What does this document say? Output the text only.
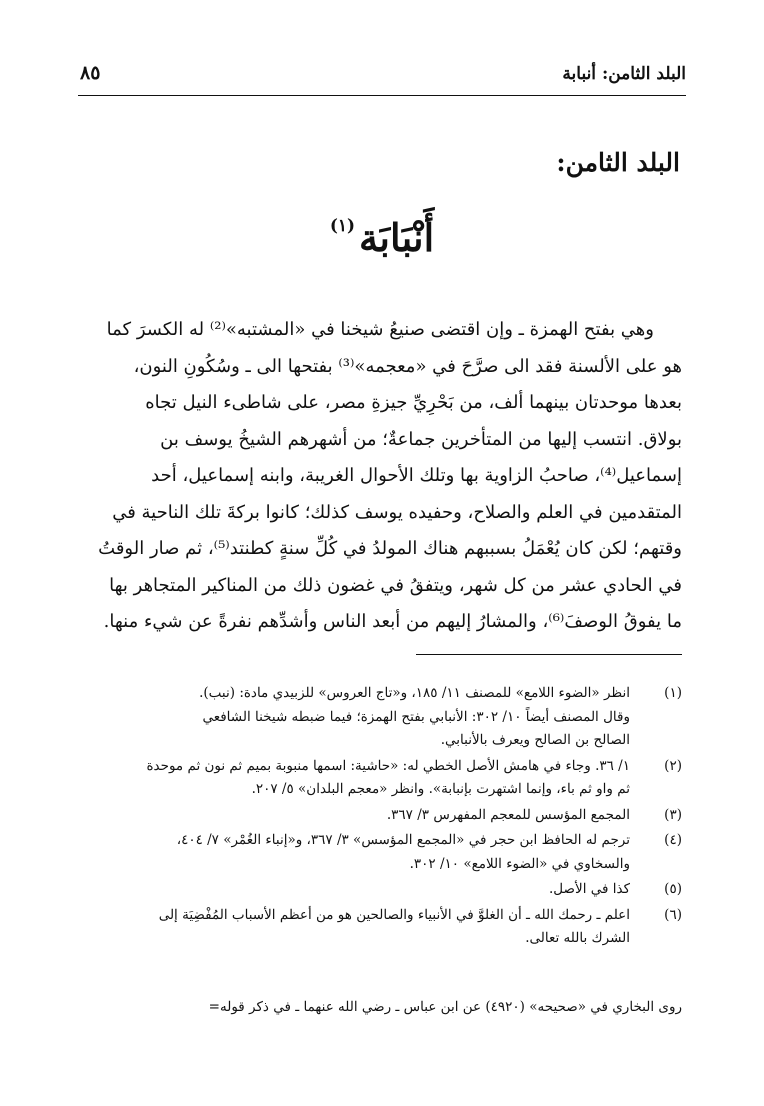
البلد الثامن: أنبابة
٨٥
البلد الثامن:
أَنْبَابَة$^{(١)}$

وهي بفتح الهمزة ـ وإن اقتضى صنيعُ شيخنا في «المشتبه»⁽²⁾ له الكسرَ كما

هو على الألسنة فقد الى صرَّحَ في «معجمه»⁽³⁾ بفتحها الى ـ وسُكُونِ النون،

بعدها موحدتان بينهما ألف، من بَحْرِيِّ جيزةِ مصر، على شاطىء النيل تجاه

بولاق. انتسب إليها من المتأخرين جماعةٌ؛ من أشهرهم الشيخُ يوسف بن

إسماعيل⁽⁴⁾، صاحبُ الزاوية بها وتلك الأحوال الغريبة، وابنه إسماعيل، أحد

المتقدمين في العلم والصلاح، وحفيده يوسف كذلك؛ كانوا بركةَ تلك الناحية في

وقتهم؛ لكن كان يُعْمَلُ بسببهم هناك المولدُ في كُلِّ سنةٍ كطنتد⁽⁵⁾، ثم صار الوقتُ

في الحادي عشر من كل شهر، ويتفقُ في غضون ذلك من المناكير المتجاهر بها

ما يفوقُ الوصفَ⁽⁶⁾، والمشارُ إليهم من أبعد الناس وأشدِّهم نفرةً عن شيء منها.

(١)
انظر «الضوء اللامع» للمصنف ١١/ ١٨٥، و«تاج العروس» للزبيدي مادة: (نبب).
وقال المصنف أيضاً ١٠/ ٣٠٢: الأنبابي بفتح الهمزة؛ فيما ضبطه شيخنا الشافعي
الصالح بن الصالح ويعرف بالأنبابي.
(٢)
١/ ٣٦. وجاء في هامش الأصل الخطي له: «حاشية: اسمها منبوبة بميم ثم نون ثم موحدة
ثم واو ثم باء، وإنما اشتهرت بإنبابة». وانظر «معجم البلدان» ٥/ ٢٠٧.
(٣)
المجمع المؤسس للمعجم المفهرس ٣/ ٣٦٧.
(٤)
ترجم له الحافظ ابن حجر في «المجمع المؤسس» ٣/ ٣٦٧، و«إنباء الغُمْر» ٧/ ٤٠٤،
والسخاوي في «الضوء اللامع» ١٠/ ٣٠٢.
(٥)
كذا في الأصل.
(٦)
اعلم ـ رحمك الله ـ أن الغلوَّ في الأنبياء والصالحين هو من أعظم الأسباب المُفْضِيَة إلى
الشرك بالله تعالى.
روى البخاري في «صحيحه» (٤٩٢٠) عن ابن عباس ـ رضي الله عنهما ـ في ذكر قوله=
